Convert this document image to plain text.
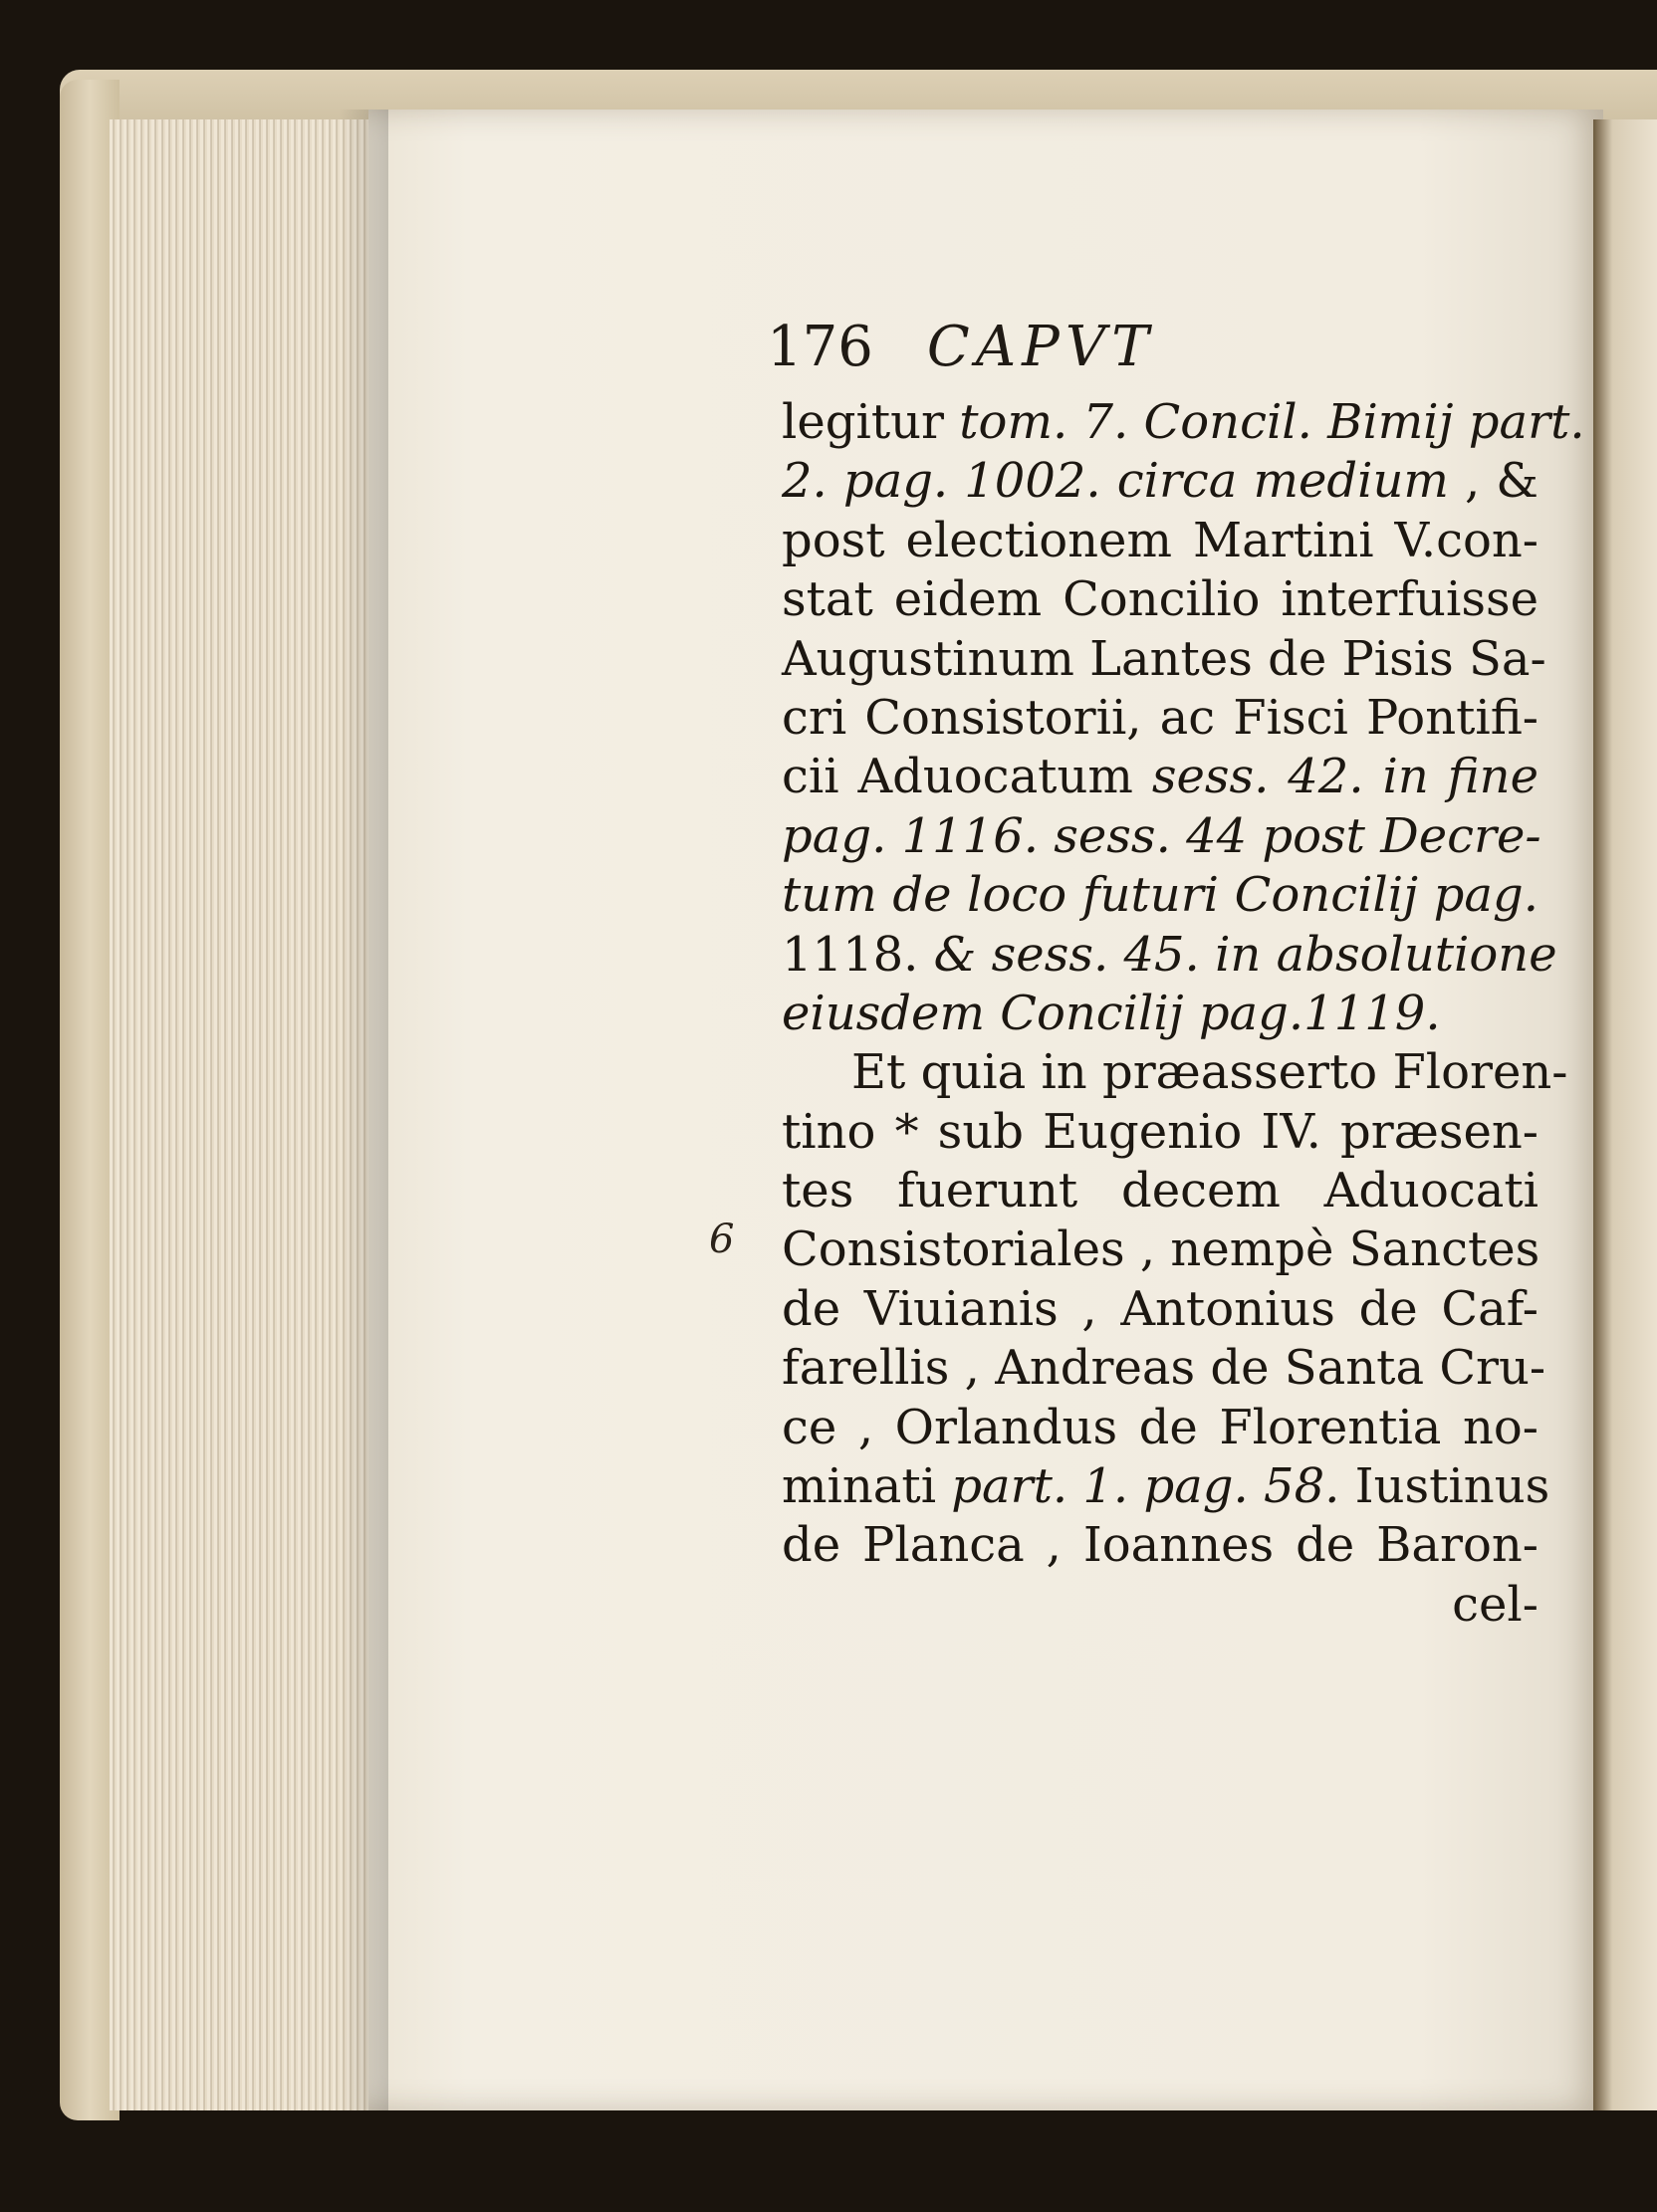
176 CAPVT
6
legitur tom. 7. Concil. Bimij part.
2. pag. 1002. circa medium , &
post electionem Martini V.con-
stat eidem Concilio interfuisse
Augustinum Lantes de Pisis Sa-
cri Consistorii, ac Fisci Pontifi-
cii Aduocatum sess. 42. in fine
pag. 1116. sess. 44 post Decre-
tum de loco futuri Concilij pag.
1118. & sess. 45. in absolutione
eiusdem Concilij pag.1119.
Et quia in præasserto Floren-
tino * sub Eugenio IV. præsen-
tes fuerunt decem Aduocati
Consistoriales , nempè Sanctes
de Viuianis , Antonius de Caf-
farellis , Andreas de Santa Cru-
ce , Orlandus de Florentia no-
minati part. 1. pag. 58. Iustinus
de Planca , Ioannes de Baron-
cel-
